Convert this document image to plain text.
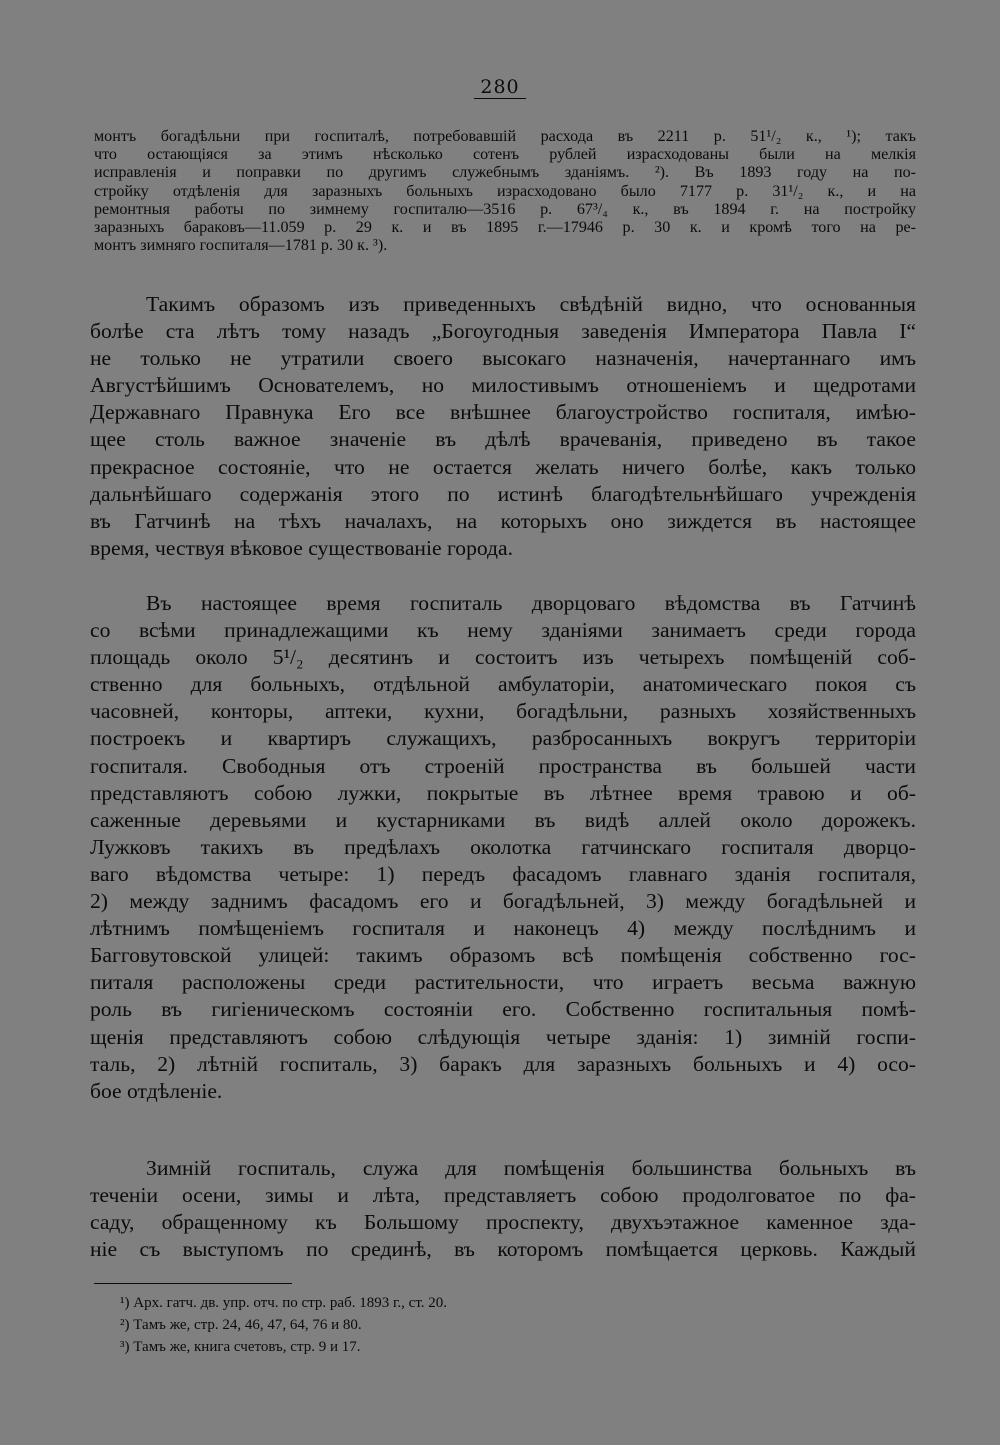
280
монтъ богадѣльни при госпиталѣ, потребовавшій расхода въ 2211 р. 51¹/₂ к., ¹); такъ
что остающіяся за этимъ нѣсколько сотенъ рублей израсходованы были на мелкія
исправленія и поправки по другимъ служебнымъ зданіямъ. ²). Въ 1893 году на по-
стройку отдѣленія для заразныхъ больныхъ израсходовано было 7177 р. 31¹/₂ к., и на
ремонтныя работы по зимнему госпиталю—3516 р. 67³/₄ к., въ 1894 г. на постройку
заразныхъ бараковъ—11.059 р. 29 к. и въ 1895 г.—17946 р. 30 к. и кромѣ того на ре-
монтъ зимняго госпиталя—1781 р. 30 к. ³).
Такимъ образомъ изъ приведенныхъ свѣдѣній видно, что основанныя
болѣе ста лѣтъ тому назадъ „Богоугодныя заведенія Императора Павла I“
не только не утратили своего высокаго назначенія, начертаннаго имъ
Августѣйшимъ Основателемъ, но милостивымъ отношеніемъ и щедротами
Державнаго Правнука Его все внѣшнее благоустройство госпиталя, имѣю-
щее столь важное значеніе въ дѣлѣ врачеванія, приведено въ такое
прекрасное состояніе, что не остается желать ничего болѣе, какъ только
дальнѣйшаго содержанія этого по истинѣ благодѣтельнѣйшаго учрежденія
въ Гатчинѣ на тѣхъ началахъ, на которыхъ оно зиждется въ настоящее
время, чествуя вѣковое существованіе города.
Въ настоящее время госпиталь дворцоваго вѣдомства въ Гатчинѣ
со всѣми принадлежащими къ нему зданіями занимаетъ среди города
площадь около 5¹/₂ десятинъ и состоитъ изъ четырехъ помѣщеній соб-
ственно для больныхъ, отдѣльной амбулаторіи, анатомическаго покоя съ
часовней, конторы, аптеки, кухни, богадѣльни, разныхъ хозяйственныхъ
построекъ и квартиръ служащихъ, разбросанныхъ вокругъ территоріи
госпиталя. Свободныя отъ строеній пространства въ большей части
представляютъ собою лужки, покрытые въ лѣтнее время травою и об-
саженные деревьями и кустарниками въ видѣ аллей около дорожекъ.
Лужковъ такихъ въ предѣлахъ околотка гатчинскаго госпиталя дворцо-
ваго вѣдомства четыре: 1) передъ фасадомъ главнаго зданія госпиталя,
2) между заднимъ фасадомъ его и богадѣльней, 3) между богадѣльней и
лѣтнимъ помѣщеніемъ госпиталя и наконецъ 4) между послѣднимъ и
Багговутовской улицей: такимъ образомъ всѣ помѣщенія собственно гос-
питаля расположены среди растительности, что играетъ весьма важную
роль въ гигіеническомъ состояніи его. Собственно госпитальныя помѣ-
щенія представляютъ собою слѣдующія четыре зданія: 1) зимній госпи-
таль, 2) лѣтній госпиталь, 3) баракъ для заразныхъ больныхъ и 4) осо-
бое отдѣленіе.
Зимній госпиталь, служа для помѣщенія большинства больныхъ въ
теченіи осени, зимы и лѣта, представляетъ собою продолговатое по фа-
саду, обращенному къ Большому проспекту, двухъэтажное каменное зда-
ніе съ выступомъ по срединѣ, въ которомъ помѣщается церковь. Каждый
¹) Арх. гатч. дв. упр. отч. по стр. раб. 1893 г., ст. 20.
²) Тамъ же, стр. 24, 46, 47, 64, 76 и 80.
³) Тамъ же, книга счетовъ, стр. 9 и 17.
